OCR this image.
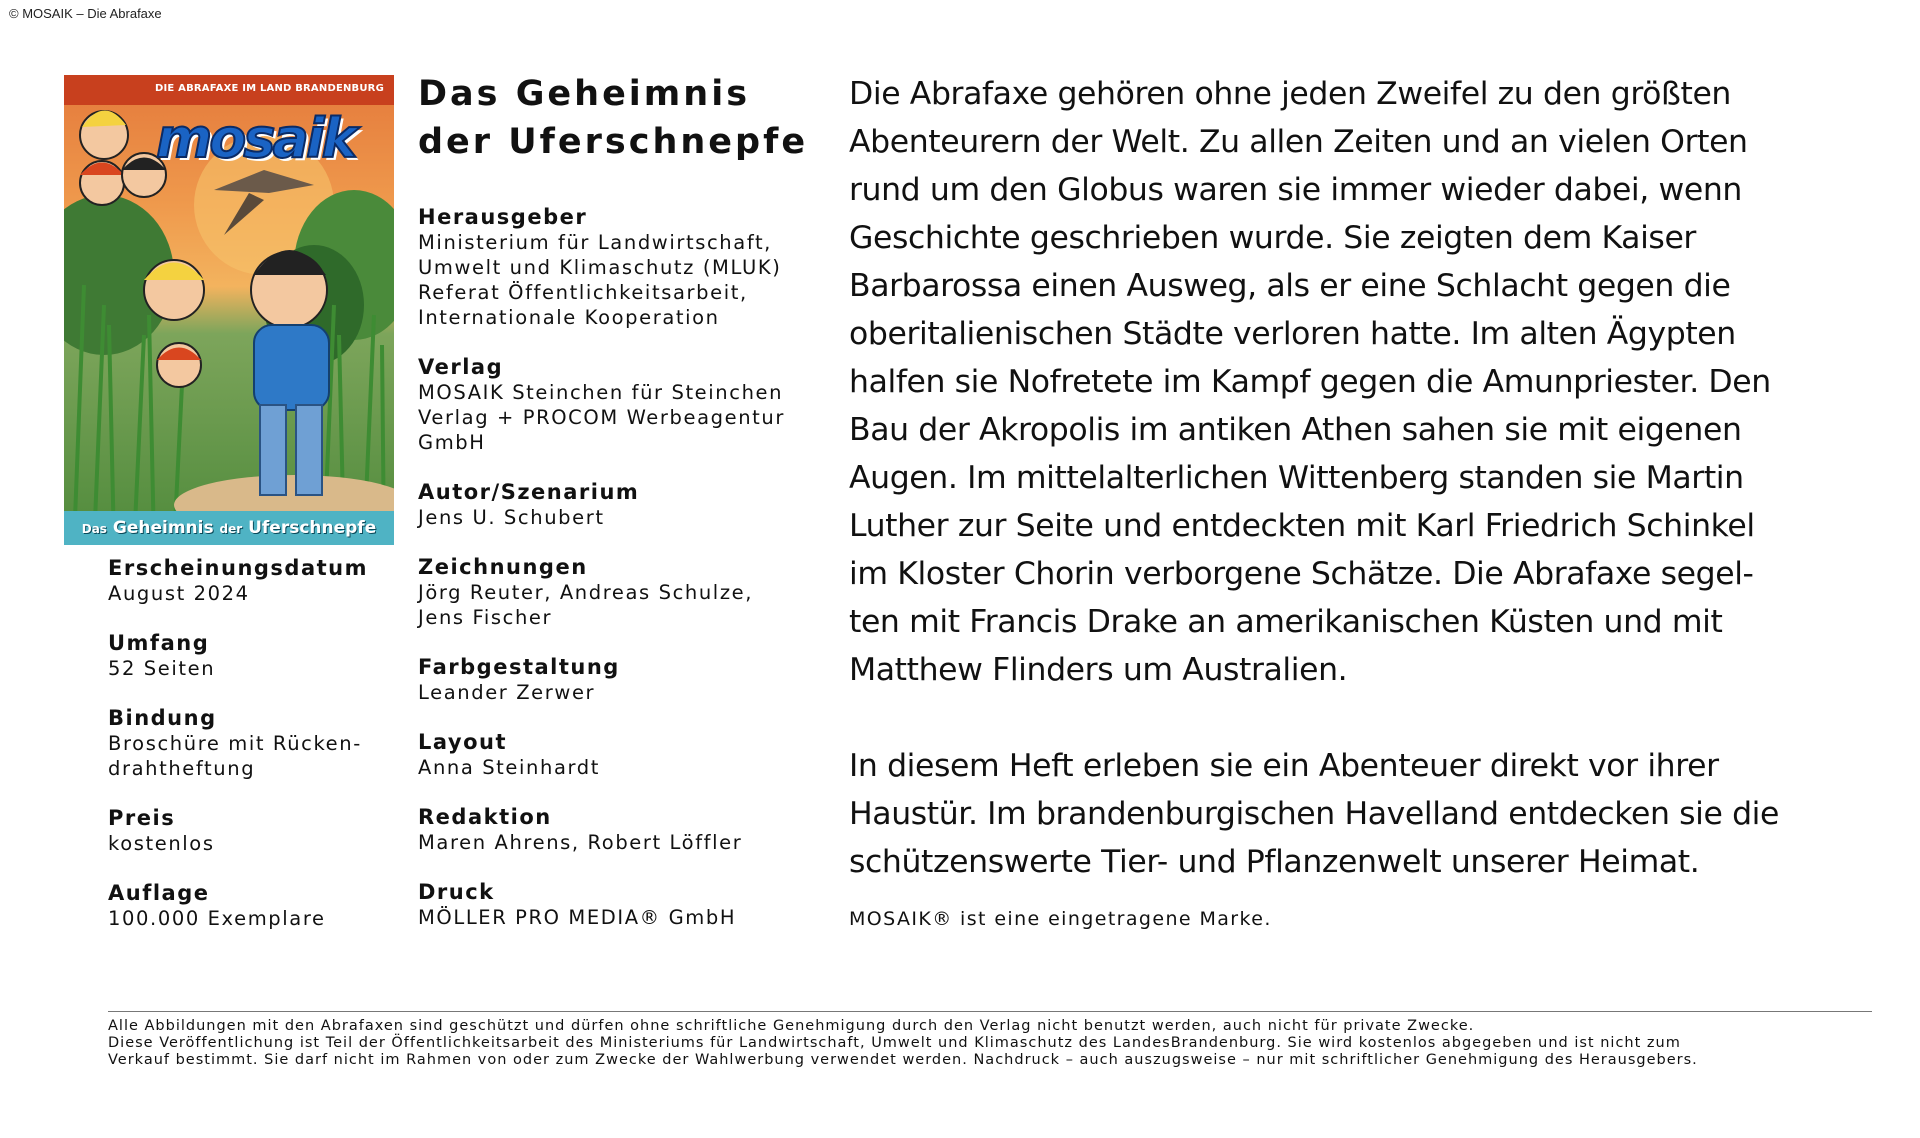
© MOSAIK – Die Abrafaxe
DIE ABRAFAXE IM LAND BRANDENBURG
mosaik
Das Geheimnis der Uferschnepfe
Erscheinungsdatum
August 2024
Umfang
52 Seiten
Bindung
Broschüre mit Rücken-
drahtheftung
Preis
kostenlos
Auflage
100.000 Exemplare
Das Geheimnis
der Uferschnepfe
Herausgeber
Ministerium für Landwirtschaft,
Umwelt und Klimaschutz (MLUK)
Referat Öffentlichkeitsarbeit,
Internationale Kooperation
Verlag
MOSAIK Steinchen für Steinchen
Verlag + PROCOM Werbeagentur
GmbH
Autor/Szenarium
Jens U. Schubert
Zeichnungen
Jörg Reuter, Andreas Schulze,
Jens Fischer
Farbgestaltung
Leander Zerwer
Layout
Anna Steinhardt
Redaktion
Maren Ahrens, Robert Löffler
Druck
MÖLLER PRO MEDIA® GmbH

Die Abrafaxe gehören ohne jeden Zweifel zu den größten
Abenteurern der Welt. Zu allen Zeiten und an vielen Orten
rund um den Globus waren sie immer wieder dabei, wenn
Geschichte geschrieben wurde. Sie zeigten dem Kaiser
Barbarossa einen Ausweg, als er eine Schlacht gegen die
oberitalienischen Städte verloren hatte. Im alten Ägypten
halfen sie Nofretete im Kampf gegen die Amunpriester. Den
Bau der Akropolis im antiken Athen sahen sie mit eigenen
Augen. Im mittelalterlichen Wittenberg standen sie Martin
Luther zur Seite und entdeckten mit Karl Friedrich Schinkel
im Kloster Chorin verborgene Schätze. Die Abrafaxe segel-
ten mit Francis Drake an amerikanischen Küsten und mit
Matthew Flinders um Australien.

In diesem Heft erleben sie ein Abenteuer direkt vor ihrer
Haustür. Im brandenburgischen Havelland entdecken sie die
schützenswerte Tier- und Pflanzenwelt unserer Heimat.

MOSAIK® ist eine eingetragene Marke.
Alle Abbildungen mit den Abrafaxen sind geschützt und dürfen ohne schriftliche Genehmigung durch den Verlag nicht benutzt werden, auch nicht für private Zwecke.
Diese Veröffentlichung ist Teil der Öffentlichkeitsarbeit des Ministeriums für Landwirtschaft, Umwelt und Klimaschutz des LandesBrandenburg. Sie wird kostenlos abgegeben und ist nicht zum
Verkauf bestimmt. Sie darf nicht im Rahmen von oder zum Zwecke der Wahlwerbung verwendet werden. Nachdruck – auch auszugsweise – nur mit schriftlicher Genehmigung des Herausgebers.
